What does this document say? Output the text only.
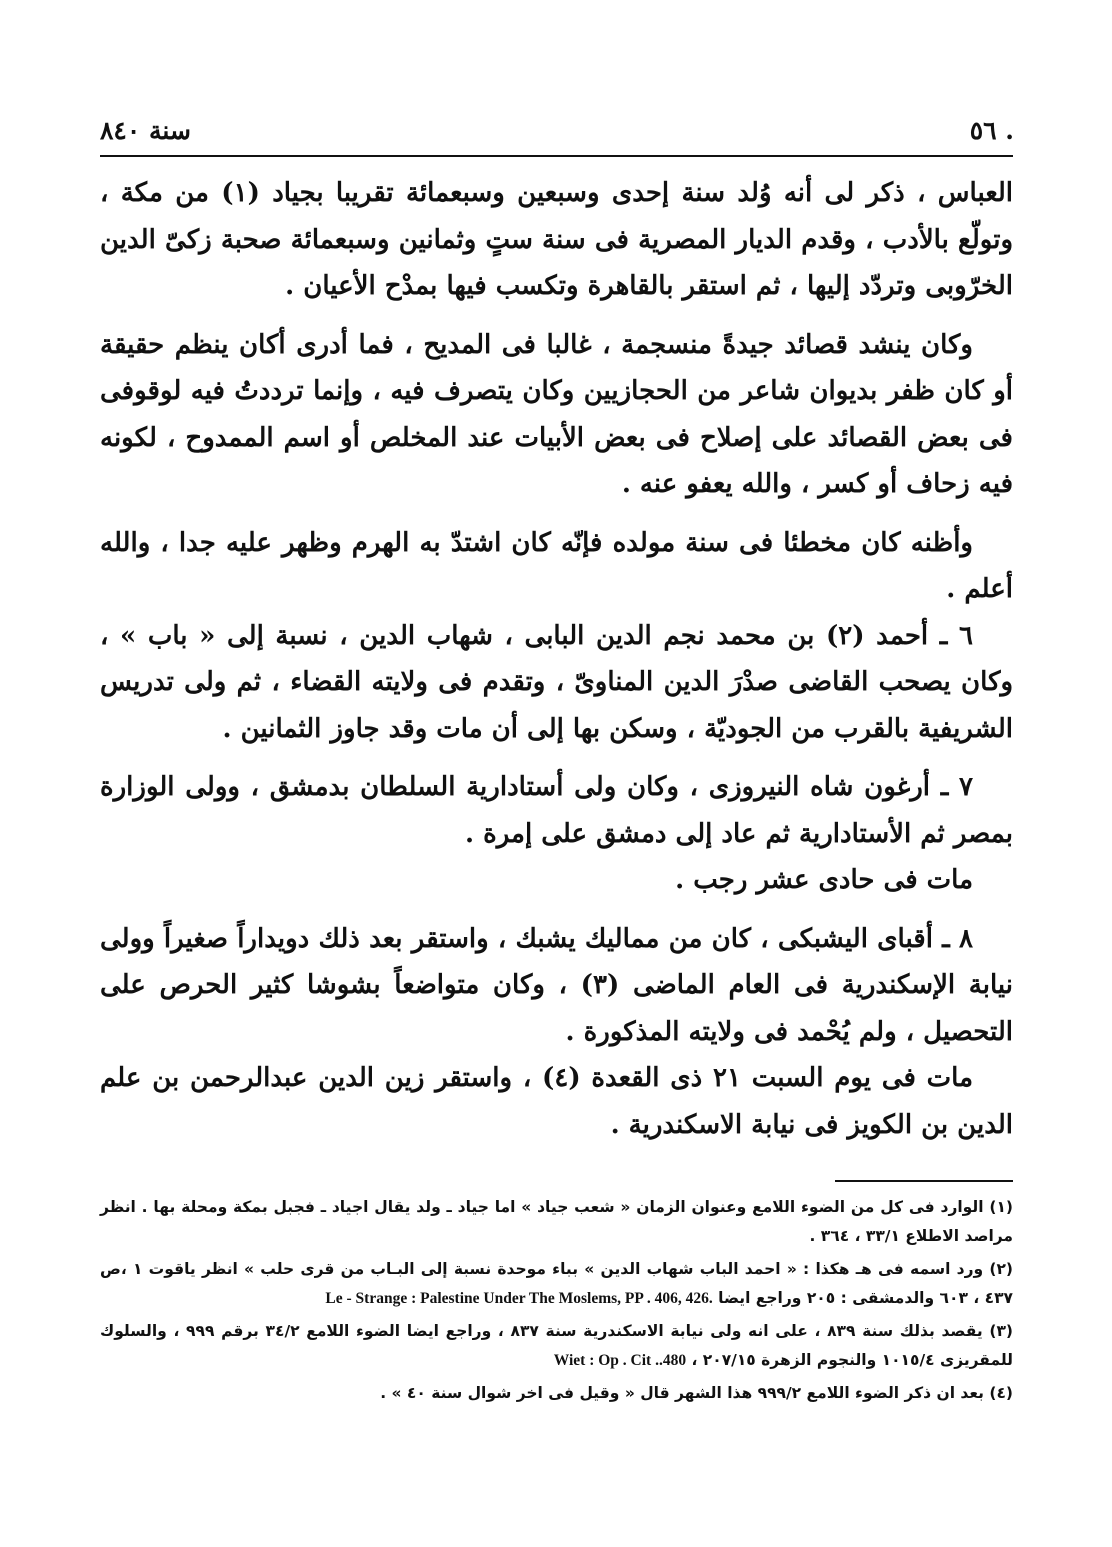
٥٦ .
سنة ٨٤٠

العباس ، ذكر لى أنه وُلد سنة إحدى وسبعين وسبعمائة تقريبا بجياد (١) من مكة ، وتولّع بالأدب ، وقدم الديار المصرية فى سنة ستٍ وثمانين وسبعمائة صحبة زكىّ الدين الخرّوبى وتردّد إليها ، ثم استقر بالقاهرة وتكسب فيها بمدْح الأعيان .

وكان ينشد قصائد جيدةً منسجمة ، غالبا فى المديح ، فما أدرى أكان ينظم حقيقة أو كان ظفر بديوان شاعر من الحجازيين وكان يتصرف فيه ، وإنما ترددتُ فيه لوقوفى فى بعض القصائد على إصلاح فى بعض الأبيات عند المخلص أو اسم الممدوح ، لكونه فيه زحاف أو كسر ، والله يعفو عنه .

وأظنه كان مخطئا فى سنة مولده فإنّه كان اشتدّ به الهرم وظهر عليه جدا ، والله أعلم .

٦ ـ أحمد (٢) بن محمد نجم الدين البابى ، شهاب الدين ، نسبة إلى « باب » ، وكان يصحب القاضى صدْرَ الدين المناوىّ ، وتقدم فى ولايته القضاء ، ثم ولى تدريس الشريفية بالقرب من الجوديّة ، وسكن بها إلى أن مات وقد جاوز الثمانين .

٧ ـ أرغون شاه النيروزى ، وكان ولى أستادارية السلطان بدمشق ، وولى الوزارة بمصر ثم الأستادارية ثم عاد إلى دمشق على إمرة .

مات فى حادى عشر رجب .

٨ ـ أقباى اليشبكى ، كان من مماليك يشبك ، واستقر بعد ذلك دويداراً صغيراً وولى نيابة الإسكندرية فى العام الماضى (٣) ، وكان متواضعاً بشوشا كثير الحرص على التحصيل ، ولم يُحْمد فى ولايته المذكورة .

مات فى يوم السبت ٢١ ذى القعدة (٤) ، واستقر زين الدين عبدالرحمن بن علم الدين بن الكويز فى نيابة الاسكندرية .

(١) الوارد فى كل من الضوء اللامع وعنوان الزمان « شعب جياد » اما جياد ـ ولد يقال اجياد ـ فجبل بمكة ومحلة بها . انظر مراصد الاطلاع ٣٣/١ ، ٣٦٤ .

(٢) ورد اسمه فى هـ هكذا : « احمد الباب شهاب الدين » بباء موحدة نسبة إلى البـاب من قرى حلب » انظر ياقوت ١ ،ص ٤٣٧ ، ٦٠٣ والدمشقى : ٢٠٥ وراجع ايضا Le - Strange : Palestine Under The Moslems, PP . 406, 426.

(٣) يقصد بذلك سنة ٨٣٩ ، على انه ولى نيابة الاسكندرية سنة ٨٣٧ ، وراجع ايضا الضوء اللامع ٣٤/٢ برقم ٩٩٩ ، والسلوك للمقريزى ١٠١٥/٤ والنجوم الزهرة ٢٠٧/١٥ ، Wiet : Op . Cit ..480

(٤) بعد ان ذكر الضوء اللامع ٩٩٩/٢ هذا الشهر قال « وقيل فى اخر شوال سنة ٤٠ » .
